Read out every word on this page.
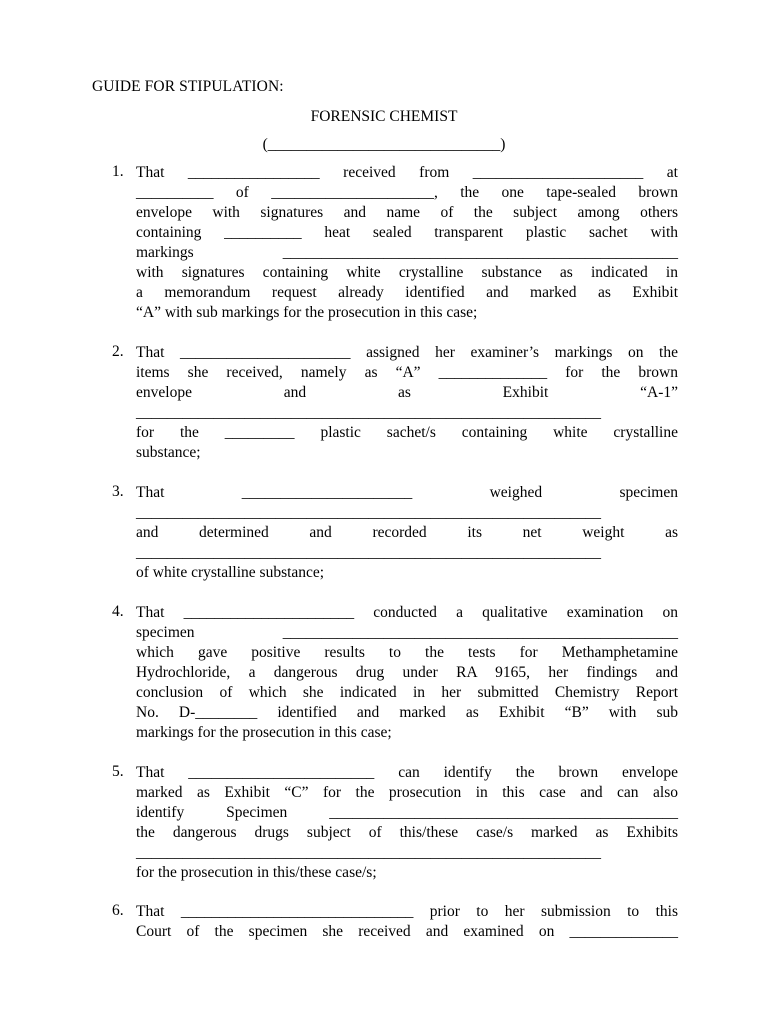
GUIDE FOR STIPULATION:
FORENSIC CHEMIST
(______________________________)
1. That _________________ received from ______________________ at
__________ of _____________________, the one tape-sealed brown
envelope with signatures and name of the subject among others
containing __________ heat sealed transparent plastic sachet with
markings ___________________________________________________
with signatures containing white crystalline substance as indicated in
a memorandum request already identified and marked as Exhibit
“A” with sub markings for the prosecution in this case;
2. That ______________________ assigned her examiner’s markings on the
items she received, namely as “A” ______________ for the brown
envelope and as Exhibit “A-1”
____________________________________________________________
for the _________ plastic sachet/s containing white crystalline
substance;
3. That ______________________ weighed specimen
____________________________________________________________
and determined and recorded its net weight as
____________________________________________________________
of white crystalline substance;
4. That ______________________ conducted a qualitative examination on
specimen ___________________________________________________
which gave positive results to the tests for Methamphetamine
Hydrochloride, a dangerous drug under RA 9165, her findings and
conclusion of which she indicated in her submitted Chemistry Report
No. D-________ identified and marked as Exhibit “B” with sub
markings for the prosecution in this case;
5. That ________________________ can identify the brown envelope
marked as Exhibit “C” for the prosecution in this case and can also
identify Specimen _____________________________________________
the dangerous drugs subject of this/these case/s marked as Exhibits
____________________________________________________________
for the prosecution in this/these case/s;
6. That ______________________________ prior to her submission to this
Court of the specimen she received and examined on ______________
